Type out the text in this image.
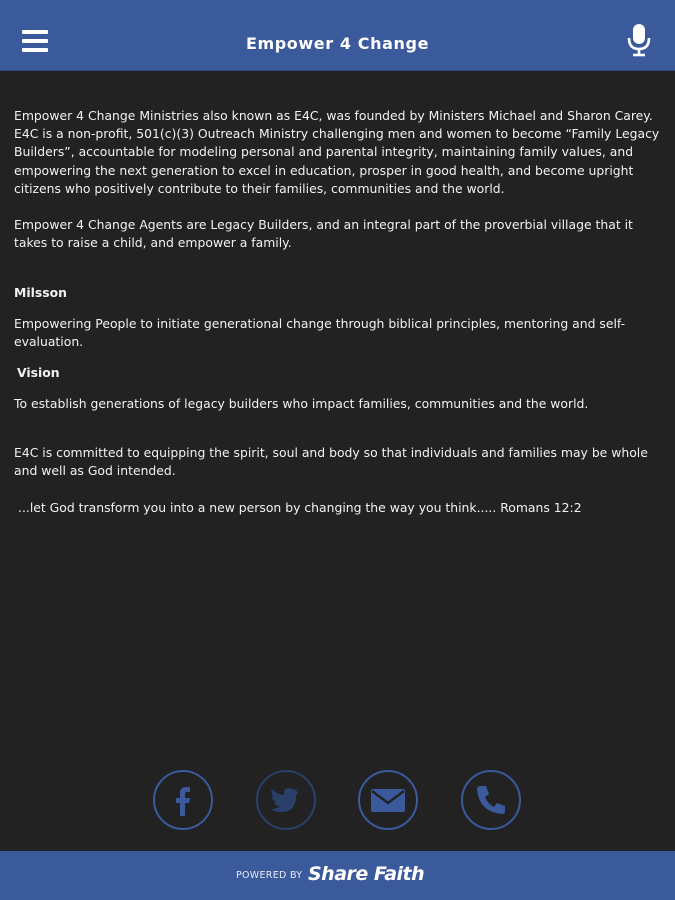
Empower 4 Change

Empower 4 Change Ministries also known as E4C, was founded by Ministers Michael and Sharon Carey. E4C is a non-profit, 501(c)(3) Outreach Ministry challenging men and women to become “Family Legacy Builders”, accountable for modeling personal and parental integrity, maintaining family values, and empowering the next generation to excel in education, prosper in good health, and become upright citizens who positively contribute to their families, communities and the world.

Empower 4 Change Agents are Legacy Builders, and an integral part of the proverbial village that it takes to raise a child, and empower a family.

Milsson

Empowering People to initiate generational change through biblical principles, mentoring and self-evaluation.

Vision

To establish generations of legacy builders who impact families, communities and the world.

E4C is committed to equipping the spirit, soul and body so that individuals and families may be whole and well as God intended.

...let God transform you into a new person by changing the way you think..... Romans 12:2

POWERED BY Share Faith
